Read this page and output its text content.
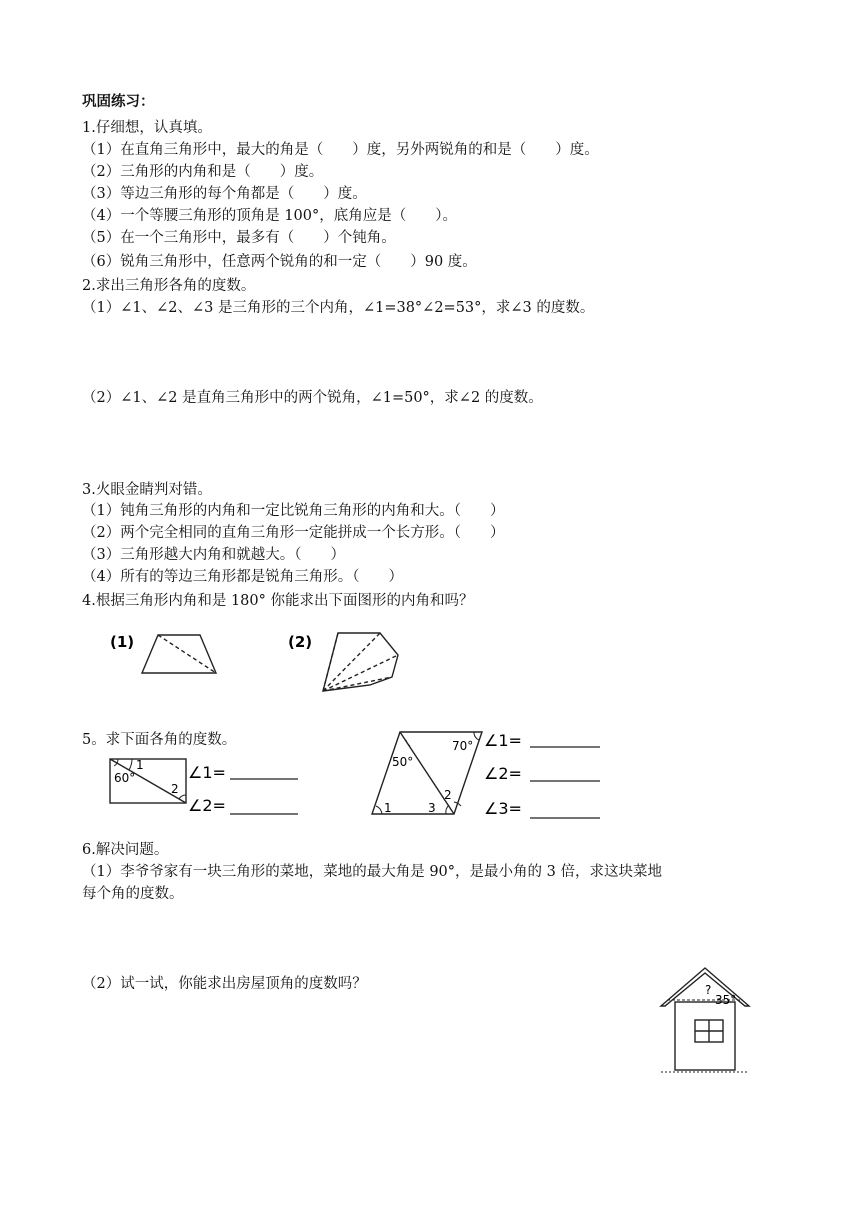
巩固练习：
1.仔细想，认真填。
（1）在直角三角形中，最大的角是（　　）度，另外两锐角的和是（　　）度。
（2）三角形的内角和是（　　）度。
（3）等边三角形的每个角都是（　　）度。
（4）一个等腰三角形的顶角是 100°，底角应是（　　）。
（5）在一个三角形中，最多有（　　）个钝角。
（6）锐角三角形中，任意两个锐角的和一定（　　）90 度。
2.求出三角形各角的度数。
（1）∠1、∠2、∠3 是三角形的三个内角，∠1=38°∠2=53°，求∠3 的度数。
（2）∠1、∠2 是直角三角形中的两个锐角，∠1=50°，求∠2 的度数。
3.火眼金睛判对错。
（1）钝角三角形的内角和一定比锐角三角形的内角和大。（　　）
（2）两个完全相同的直角三角形一定能拼成一个长方形。（　　）
（3）三角形越大内角和就越大。（　　）
（4）所有的等边三角形都是锐角三角形。（　　）
4.根据三角形内角和是 180° 你能求出下面图形的内角和吗？
(1)	(2)
5。求下面各角的度数。
60°
1
2
∠1=
∠2=
50°
70°
1	3
2
∠1=
∠2=
∠3=
6.解决问题。
（1）李爷爷家有一块三角形的菜地，菜地的最大角是 90°，是最小角的 3 倍，求这块菜地
每个角的度数。
（2）试一试，你能求出房屋顶角的度数吗？	?
35°
